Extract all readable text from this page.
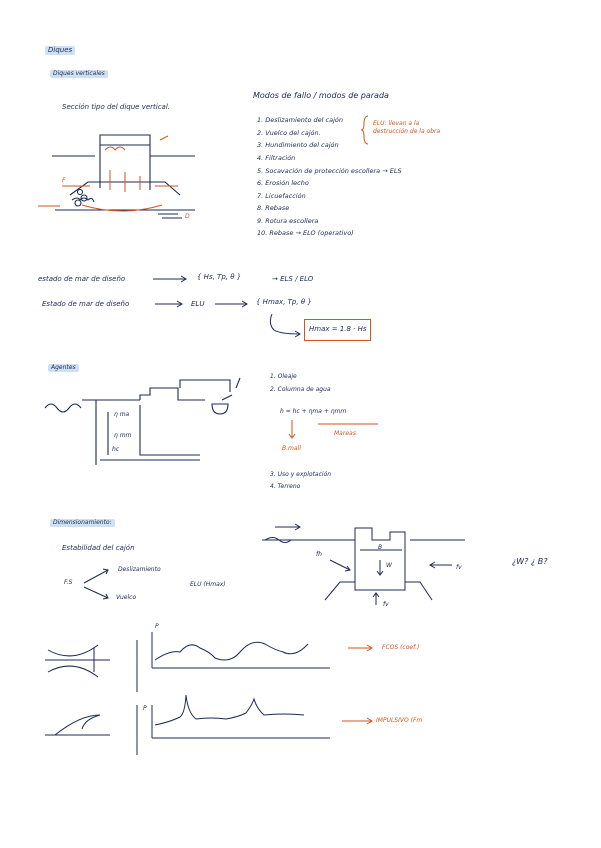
Diques
Diques verticales
Agentes
Dimensionamiento:
Sección tipo del dique vertical.
Modos de fallo / modos de parada
1. Deslizamiento del cajón
2. Vuelco del cajón.
3. Hundimiento del cajón
4. Filtración
5. Socavación de protección escollera → ELS
6. Erosión lecho
7. Licuefacción
8. Rebase
9. Rotura escollera
10. Rebase → ELO (operativo)
ELU: llevan a la destrucción de la obra
F
D
estado de mar de diseño	{ Hs, Tp, θ }	→ ELS / ELO
Estado de mar de diseño	ELU	{ Hmax, Tp, θ }
Hmax = 1.8 · Hs
η ma
η mm
hc
1. Oleaje
2. Columna de agua
h = hc + ηma + ηmm
Mareas
B.mall
3. Uso y explotación
4. Terreno
Estabilidad del cajón
F.S
Deslizamiento
Vuelco
ELU (Hmax)
¿W? ¿ B?
fh
fv
B
W
fv
P
P
FCOS (coef.)
IMPULSIVO (Fm
